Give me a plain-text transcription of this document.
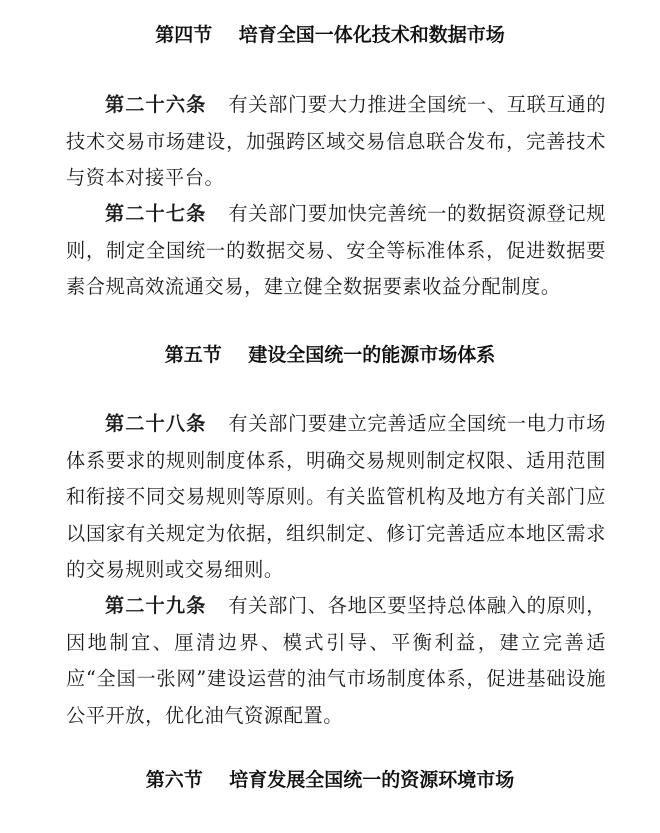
第四节    培育全国一体化技术和数据市场
第二十六条 有关部门要大力推进全国统一、互联互通的技术交易市场建设，加强跨区域交易信息联合发布，完善技术与资本对接平台。
第二十七条 有关部门要加快完善统一的数据资源登记规则，制定全国统一的数据交易、安全等标准体系，促进数据要素合规高效流通交易，建立健全数据要素收益分配制度。
第五节    建设全国统一的能源市场体系
第二十八条 有关部门要建立完善适应全国统一电力市场体系要求的规则制度体系，明确交易规则制定权限、适用范围和衔接不同交易规则等原则。有关监管机构及地方有关部门应以国家有关规定为依据，组织制定、修订完善适应本地区需求的交易规则或交易细则。
第二十九条 有关部门、各地区要坚持总体融入的原则，因地制宜、厘清边界、模式引导、平衡利益，建立完善适应“全国一张网”建设运营的油气市场制度体系，促进基础设施公平开放，优化油气资源配置。
第六节    培育发展全国统一的资源环境市场
